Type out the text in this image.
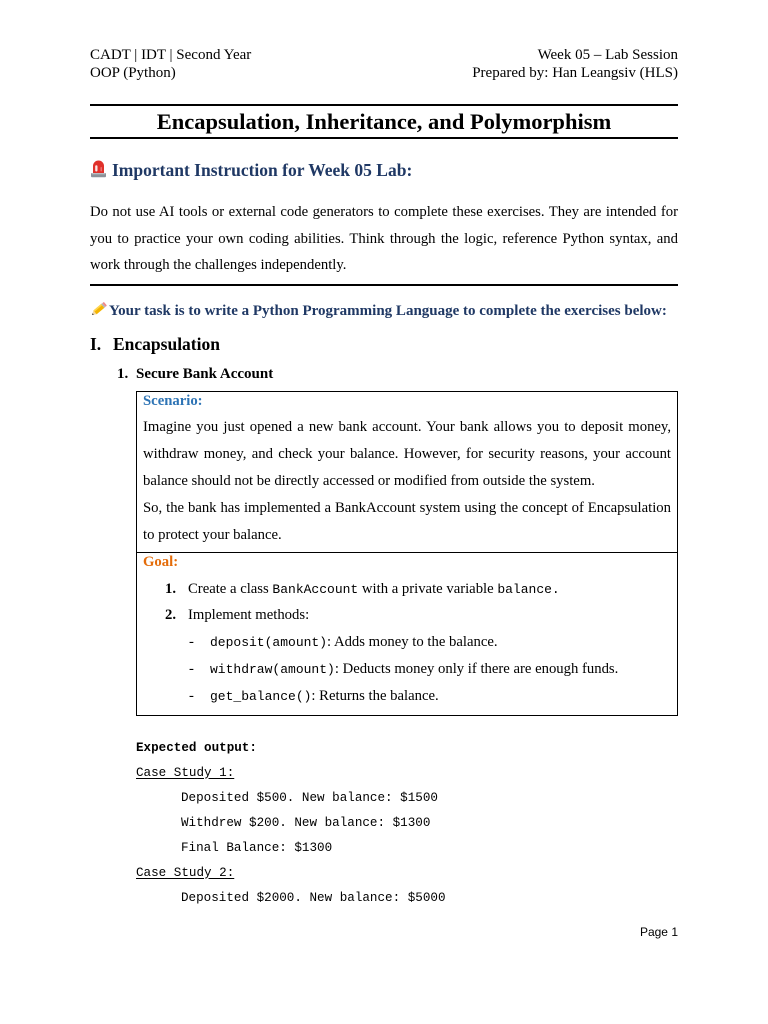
CADT | IDT | Second Year
OOP (Python)
Week 05 – Lab Session
Prepared by: Han Leangsiv (HLS)
Encapsulation, Inheritance, and Polymorphism
Important Instruction for Week 05 Lab:
Do not use AI tools or external code generators to complete these exercises. They are intended for
you to practice your own coding abilities. Think through the logic, reference Python syntax, and
work through the challenges independently.
Your task is to write a Python Programming Language to complete the exercises below:
I. Encapsulation
1. Secure Bank Account
Scenario:
Imagine you just opened a new bank account. Your bank allows you to deposit money,
withdraw money, and check your balance. However, for security reasons, your account
balance should not be directly accessed or modified from outside the system.
So, the bank has implemented a BankAccount system using the concept of Encapsulation
to protect your balance.
Goal:
1. Create a class BankAccount with a private variable balance.
2. Implement methods:
- deposit(amount): Adds money to the balance.
- withdraw(amount): Deducts money only if there are enough funds.
- get_balance(): Returns the balance.
Expected output:
Case Study 1:
Deposited $500. New balance: $1500
Withdrew $200. New balance: $1300
Final Balance: $1300
Case Study 2:
Deposited $2000. New balance: $5000
Page 1
